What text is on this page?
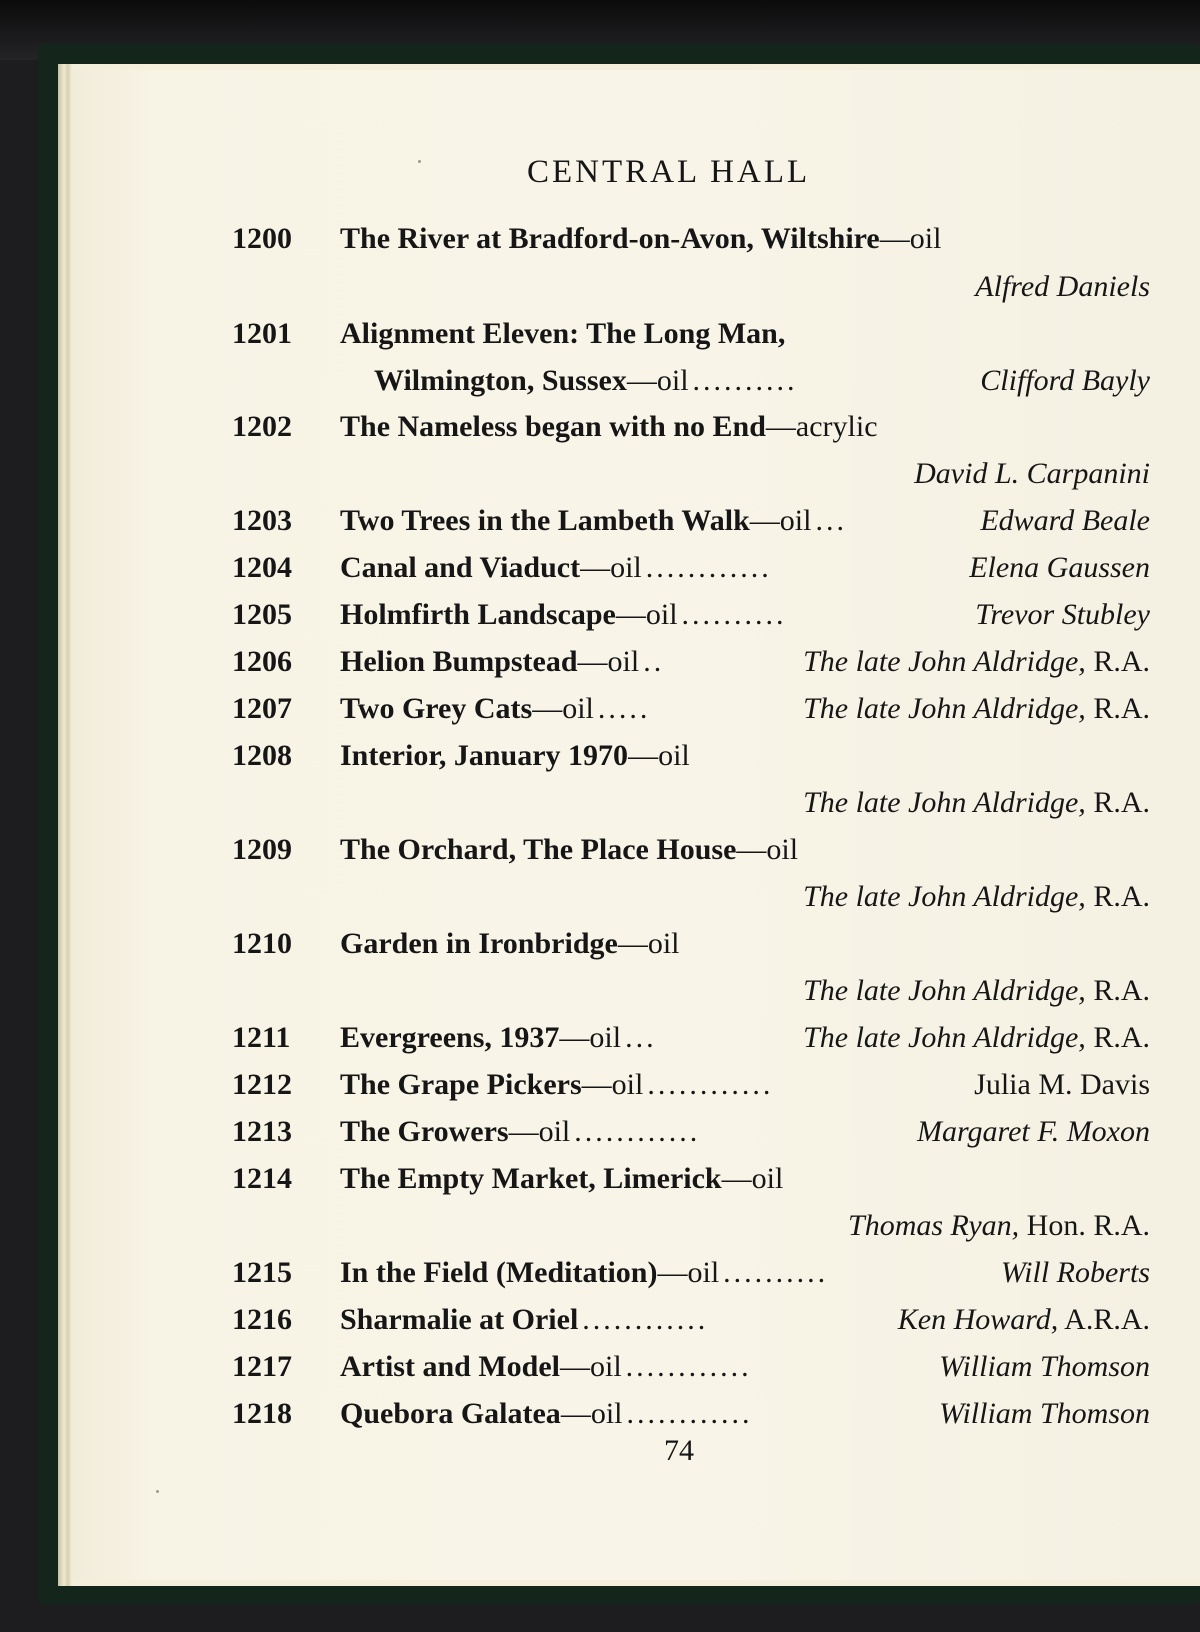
CENTRAL HALL
1200 The River at Bradford-on-Avon, Wiltshire—oil
Alfred Daniels
1201 Alignment Eleven: The Long Man,
Wilmington, Sussex—oil ..........	Clifford Bayly
1202 The Nameless began with no End—acrylic
David L. Carpanini
1203 Two Trees in the Lambeth Walk—oil ...	Edward Beale
1204 Canal and Viaduct—oil ............	Elena Gaussen
1205 Holmfirth Landscape—oil ..........	Trevor Stubley
1206 Helion Bumpstead—oil ..	The late John Aldridge, R.A.
1207 Two Grey Cats—oil .....	The late John Aldridge, R.A.
1208 Interior, January 1970—oil
The late John Aldridge, R.A.
1209 The Orchard, The Place House—oil
The late John Aldridge, R.A.
1210 Garden in Ironbridge—oil
The late John Aldridge, R.A.
1211 Evergreens, 1937—oil ...	The late John Aldridge, R.A.
1212 The Grape Pickers—oil ............	Julia M. Davis
1213 The Growers—oil ............	Margaret F. Moxon
1214 The Empty Market, Limerick—oil
Thomas Ryan, Hon. R.A.
1215 In the Field (Meditation)—oil ..........	Will Roberts
1216 Sharmalie at Oriel ............	Ken Howard, A.R.A.
1217 Artist and Model—oil ............	William Thomson
1218 Quebora Galatea—oil ............	William Thomson
74
